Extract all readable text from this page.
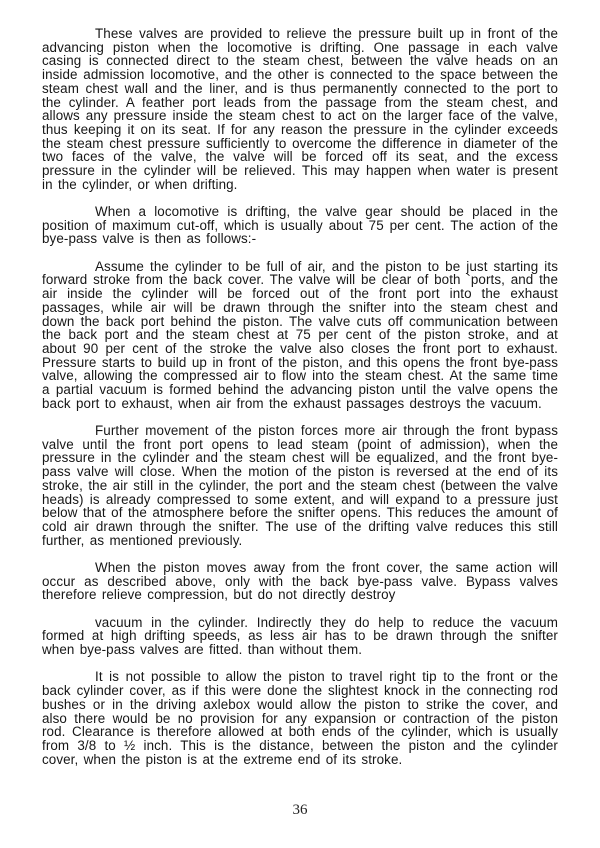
These valves are provided to relieve the pressure built up in front of the advancing piston when the locomotive is drifting. One passage in each valve casing is connected direct to the steam chest, between the valve heads on an inside admission locomotive, and the other is connected to the space between the steam chest wall and the liner, and is thus permanently connected to the port to the cylinder. A feather port leads from the passage from the steam chest, and allows any pressure inside the steam chest to act on the larger face of the valve, thus keeping it on its seat. If for any reason the pressure in the cylinder exceeds the steam chest pressure sufficiently to overcome the difference in diameter of the two faces of the valve, the valve will be forced off its seat, and the excess pressure in the cylinder will be relieved. This may happen when water is present in the cylinder, or when drifting.

When a locomotive is drifting, the valve gear should be placed in the position of maximum cut-off, which is usually about 75 per cent. The action of the bye-pass valve is then as follows:-

Assume the cylinder to be full of air, and the piston to be just starting its forward stroke from the back cover. The valve will be clear of both `ports, and the air inside the cylinder will be forced out of the front port into the exhaust passages, while air will be drawn through the snifter into the steam chest and down the back port behind the piston. The valve cuts off communication between the back port and the steam chest at 75 per cent of the piston stroke, and at about 90 per cent of the stroke the valve also closes the front port to exhaust. Pressure starts to build up in front of the piston, and this opens the front bye-pass valve, allowing the compressed air to flow into the steam chest. At the same time a partial vacuum is formed behind the advancing piston until the valve opens the back port to exhaust, when air from the exhaust passages destroys the vacuum.

Further movement of the piston forces more air through the front bypass valve until the front port opens to lead steam (point of admission), when the pressure in the cylinder and the steam chest will be equalized, and the front bye-pass valve will close. When the motion of the piston is reversed at the end of its stroke, the air still in the cylinder, the port and the steam chest (between the valve heads) is already compressed to some extent, and will expand to a pressure just below that of the atmosphere before the snifter opens. This reduces the amount of cold air drawn through the snifter. The use of the drifting valve reduces this still further, as mentioned previously.

When the piston moves away from the front cover, the same action will occur as described above, only with the back bye-pass valve. Bypass valves therefore relieve compression, but do not directly destroy

vacuum in the cylinder. Indirectly they do help to reduce the vacuum formed at high drifting speeds, as less air has to be drawn through the snifter when bye-pass valves are fitted. than without them.

It is not possible to allow the piston to travel right tip to the front or the back cylinder cover, as if this were done the slightest knock in the connecting rod bushes or in the driving axlebox would allow the piston to strike the cover, and also there would be no provision for any expansion or contraction of the piston rod. Clearance is therefore allowed at both ends of the cylinder, which is usually from 3/8 to ½ inch. This is the distance, between the piston and the cylinder cover, when the piston is at the extreme end of its stroke.

36
